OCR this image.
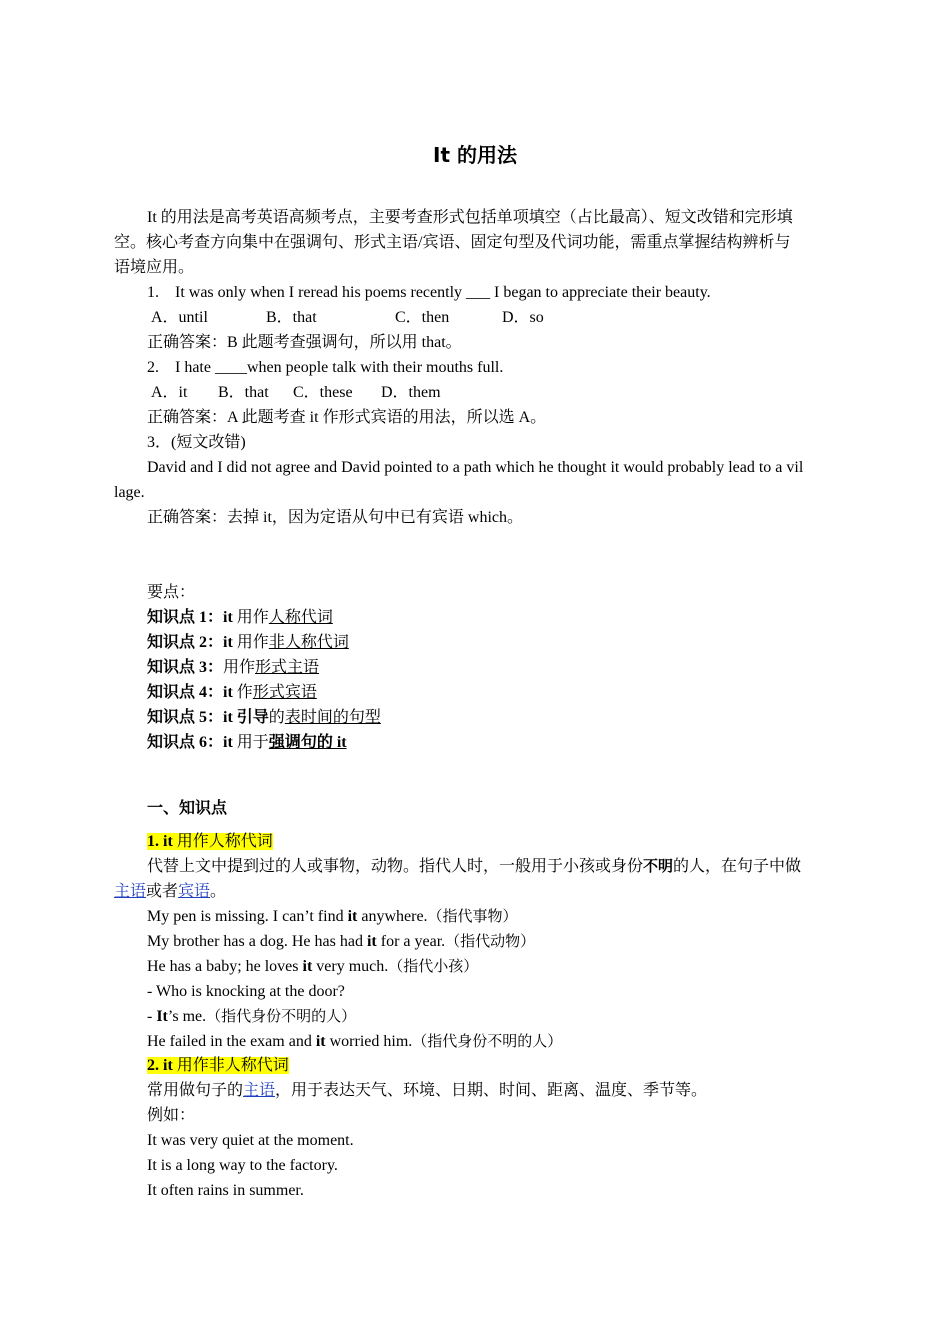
It 的用法
It 的用法是高考英语高频考点，主要考查形式包括单项填空（占比最高）、短文改错和完形填
空。核心考查方向集中在强调句、形式主语/宾语、固定句型及代词功能，需重点掌握结构辨析与
语境应用。
1.　It was only when I reread his poems recently ___ I began to appreciate their beauty.
A．until	B．that	C．then	D．so
正确答案：B 此题考查强调句，所以用 that。
2.　I hate ____when people talk with their mouths full.
A．it B．that C．these D．them
正确答案：A 此题考查 it 作形式宾语的用法，所以选 A。
3．(短文改错)
David and I did not agree and David pointed to a path which he thought it would probably lead to a vil
lage.
正确答案：去掉 it，因为定语从句中已有宾语 which。
要点：
知识点 1：it 用作人称代词
知识点 2：it 用作非人称代词
知识点 3：用作形式主语
知识点 4：it 作形式宾语
知识点 5：it 引导的表时间的句型
知识点 6：it 用于强调句的 it
一、知识点
1. it 用作人称代词
代替上文中提到过的人或事物，动物。指代人时，一般用于小孩或身份不明的人，在句子中做
主语或者宾语。
My pen is missing. I can’t find it anywhere.（指代事物）
My brother has a dog. He has had it for a year.（指代动物）
He has a baby; he loves it very much.（指代小孩）
- Who is knocking at the door?
- It’s me.（指代身份不明的人）
He failed in the exam and it worried him.（指代身份不明的人）
2. it 用作非人称代词
常用做句子的主语，用于表达天气、环境、日期、时间、距离、温度、季节等。
例如：
It was very quiet at the moment.
It is a long way to the factory.
It often rains in summer.
